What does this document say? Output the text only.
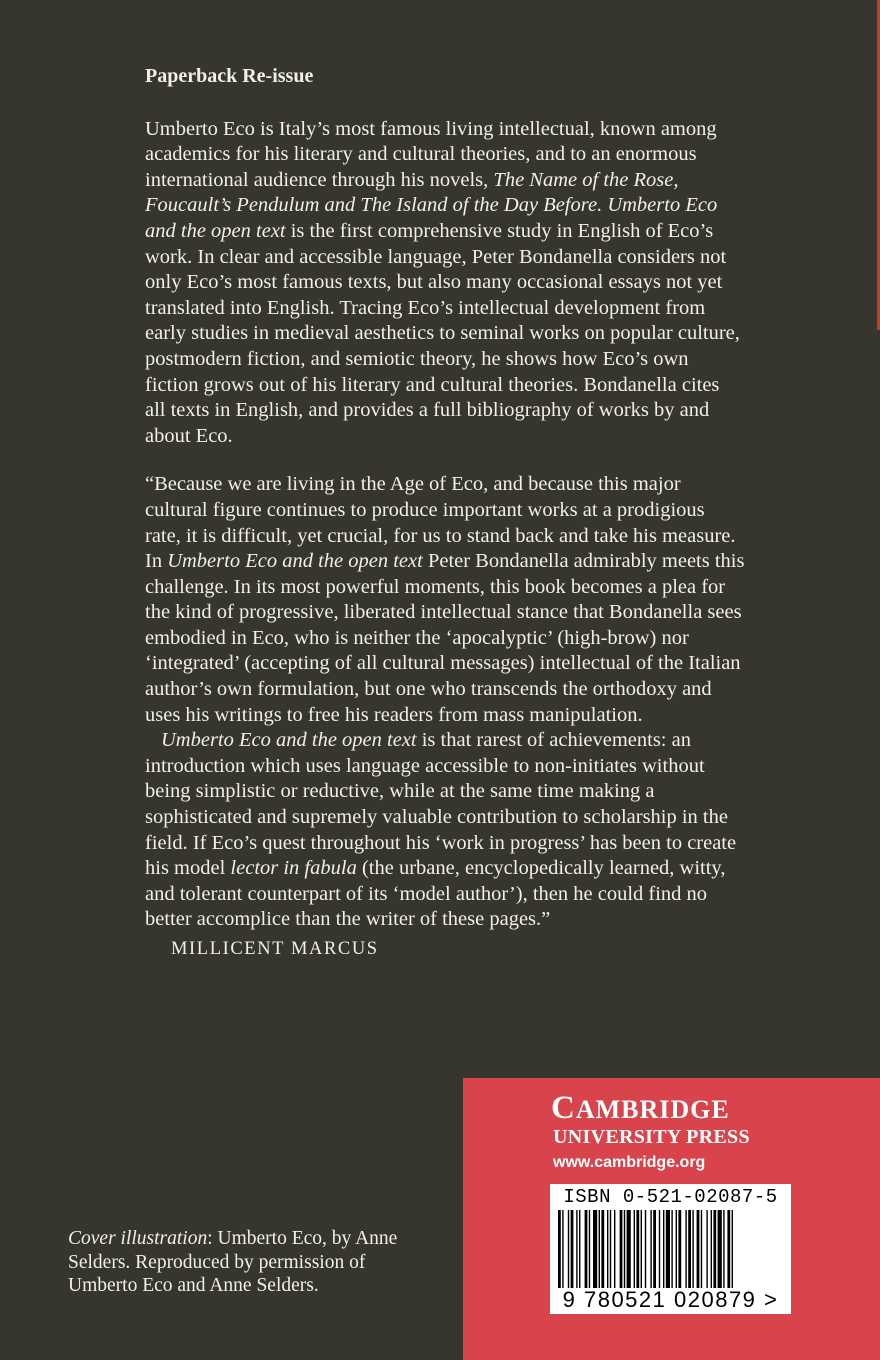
Paperback Re-issue

Umberto Eco is Italy’s most famous living intellectual, known among academics for his literary and cultural theories, and to an enormous international audience through his novels, The Name of the Rose, Foucault’s Pendulum and The Island of the Day Before. Umberto Eco and the open text is the first comprehensive study in English of Eco’s work. In clear and accessible language, Peter Bondanella considers not only Eco’s most famous texts, but also many occasional essays not yet translated into English. Tracing Eco’s intellectual development from early studies in medieval aesthetics to seminal works on popular culture, postmodern fiction, and semiotic theory, he shows how Eco’s own fiction grows out of his literary and cultural theories. Bondanella cites all texts in English, and provides a full bibliography of works by and about Eco.

“Because we are living in the Age of Eco, and because this major cultural figure continues to produce important works at a prodigious rate, it is difficult, yet crucial, for us to stand back and take his measure. In Umberto Eco and the open text Peter Bondanella admirably meets this challenge. In its most powerful moments, this book becomes a plea for the kind of progressive, liberated intellectual stance that Bondanella sees embodied in Eco, who is neither the ‘apocalyptic’ (high-brow) nor ‘integrated’ (accepting of all cultural messages) intellectual of the Italian author’s own formulation, but one who transcends the orthodoxy and uses his writings to free his readers from mass manipulation.

Umberto Eco and the open text is that rarest of achievements: an introduction which uses language accessible to non-initiates without being simplistic or reductive, while at the same time making a sophisticated and supremely valuable contribution to scholarship in the field. If Eco’s quest throughout his ‘work in progress’ has been to create his model lector in fabula (the urbane, encyclopedically learned, witty, and tolerant counterpart of its ‘model author’), then he could find no better accomplice than the writer of these pages.”

MILLICENT MARCUS

Cover illustration: Umberto Eco, by Anne Selders. Reproduced by permission of Umberto Eco and Anne Selders.
CAMBRIDGE
UNIVERSITY PRESS
www.cambridge.org
ISBN 0-521-02087-5
9 780521 020879 >
